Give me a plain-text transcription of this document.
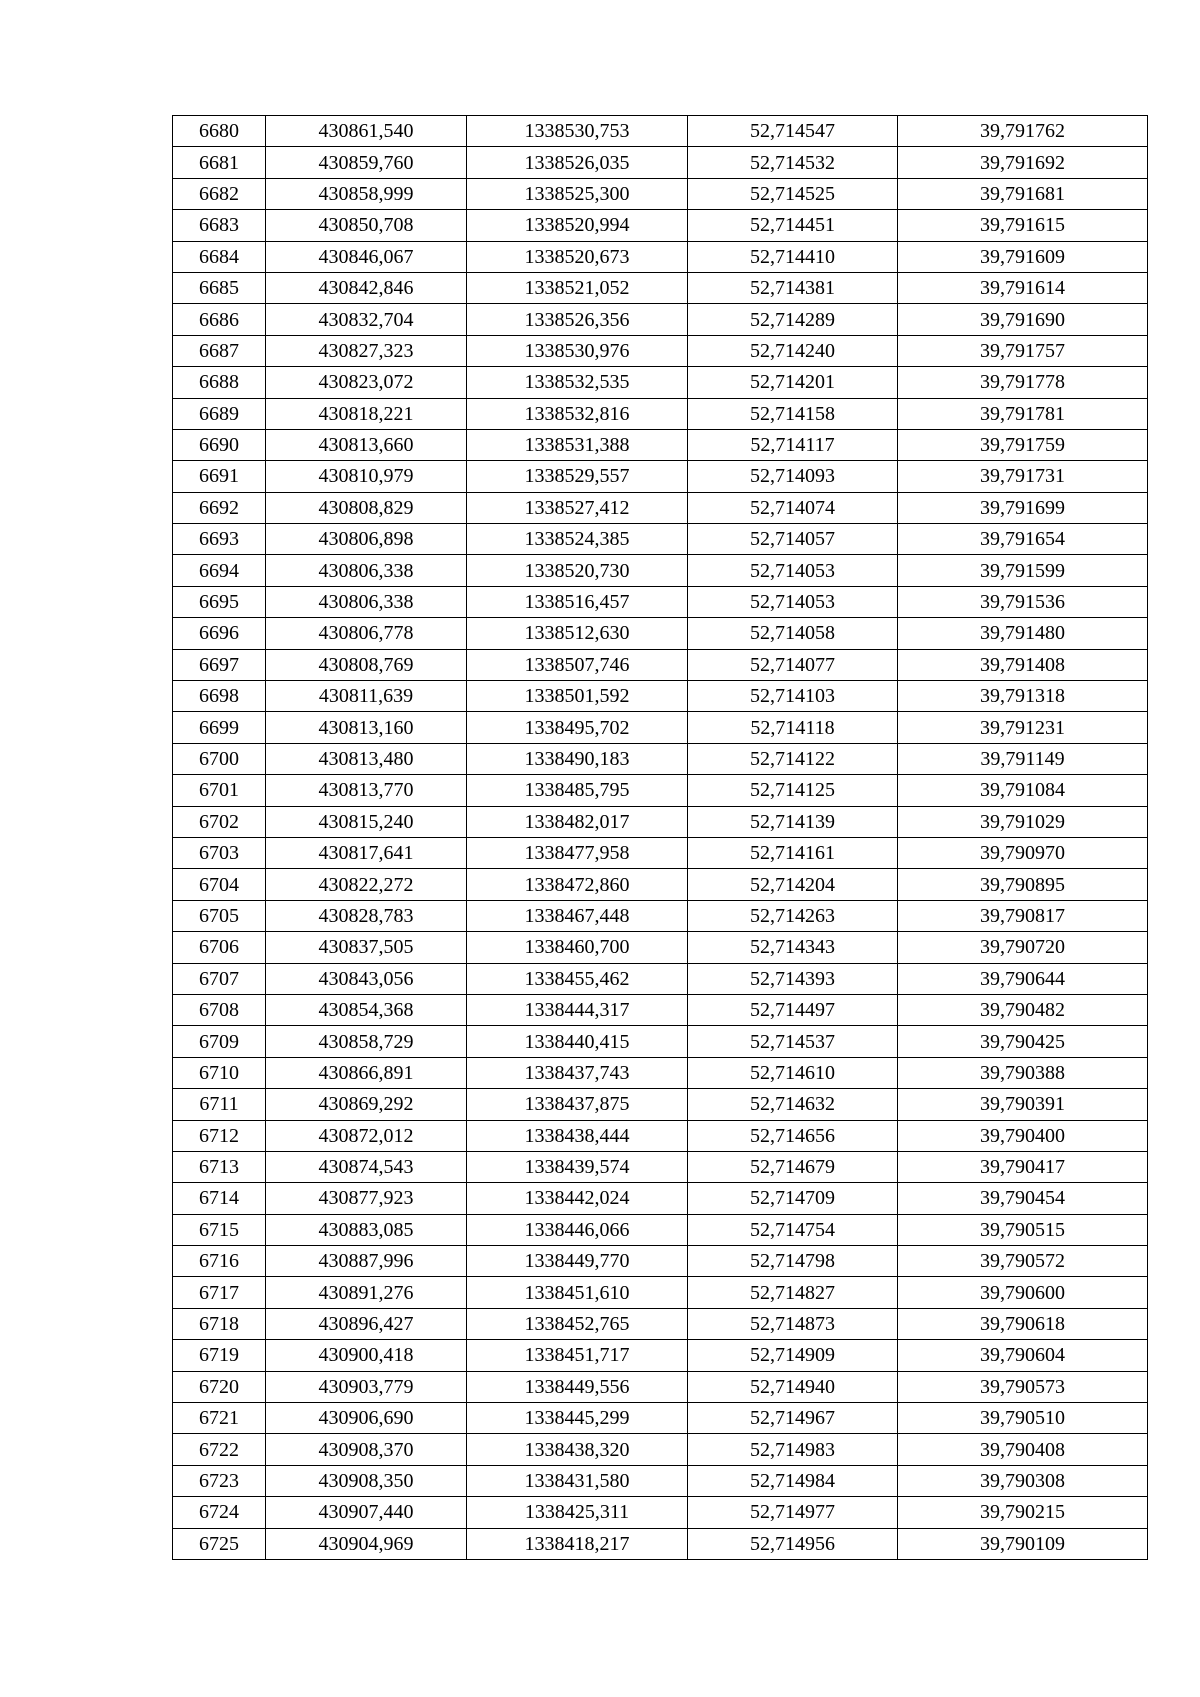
6680	430861,540	1338530,753	52,714547	39,791762
6681	430859,760	1338526,035	52,714532	39,791692
6682	430858,999	1338525,300	52,714525	39,791681
6683	430850,708	1338520,994	52,714451	39,791615
6684	430846,067	1338520,673	52,714410	39,791609
6685	430842,846	1338521,052	52,714381	39,791614
6686	430832,704	1338526,356	52,714289	39,791690
6687	430827,323	1338530,976	52,714240	39,791757
6688	430823,072	1338532,535	52,714201	39,791778
6689	430818,221	1338532,816	52,714158	39,791781
6690	430813,660	1338531,388	52,714117	39,791759
6691	430810,979	1338529,557	52,714093	39,791731
6692	430808,829	1338527,412	52,714074	39,791699
6693	430806,898	1338524,385	52,714057	39,791654
6694	430806,338	1338520,730	52,714053	39,791599
6695	430806,338	1338516,457	52,714053	39,791536
6696	430806,778	1338512,630	52,714058	39,791480
6697	430808,769	1338507,746	52,714077	39,791408
6698	430811,639	1338501,592	52,714103	39,791318
6699	430813,160	1338495,702	52,714118	39,791231
6700	430813,480	1338490,183	52,714122	39,791149
6701	430813,770	1338485,795	52,714125	39,791084
6702	430815,240	1338482,017	52,714139	39,791029
6703	430817,641	1338477,958	52,714161	39,790970
6704	430822,272	1338472,860	52,714204	39,790895
6705	430828,783	1338467,448	52,714263	39,790817
6706	430837,505	1338460,700	52,714343	39,790720
6707	430843,056	1338455,462	52,714393	39,790644
6708	430854,368	1338444,317	52,714497	39,790482
6709	430858,729	1338440,415	52,714537	39,790425
6710	430866,891	1338437,743	52,714610	39,790388
6711	430869,292	1338437,875	52,714632	39,790391
6712	430872,012	1338438,444	52,714656	39,790400
6713	430874,543	1338439,574	52,714679	39,790417
6714	430877,923	1338442,024	52,714709	39,790454
6715	430883,085	1338446,066	52,714754	39,790515
6716	430887,996	1338449,770	52,714798	39,790572
6717	430891,276	1338451,610	52,714827	39,790600
6718	430896,427	1338452,765	52,714873	39,790618
6719	430900,418	1338451,717	52,714909	39,790604
6720	430903,779	1338449,556	52,714940	39,790573
6721	430906,690	1338445,299	52,714967	39,790510
6722	430908,370	1338438,320	52,714983	39,790408
6723	430908,350	1338431,580	52,714984	39,790308
6724	430907,440	1338425,311	52,714977	39,790215
6725	430904,969	1338418,217	52,714956	39,790109
